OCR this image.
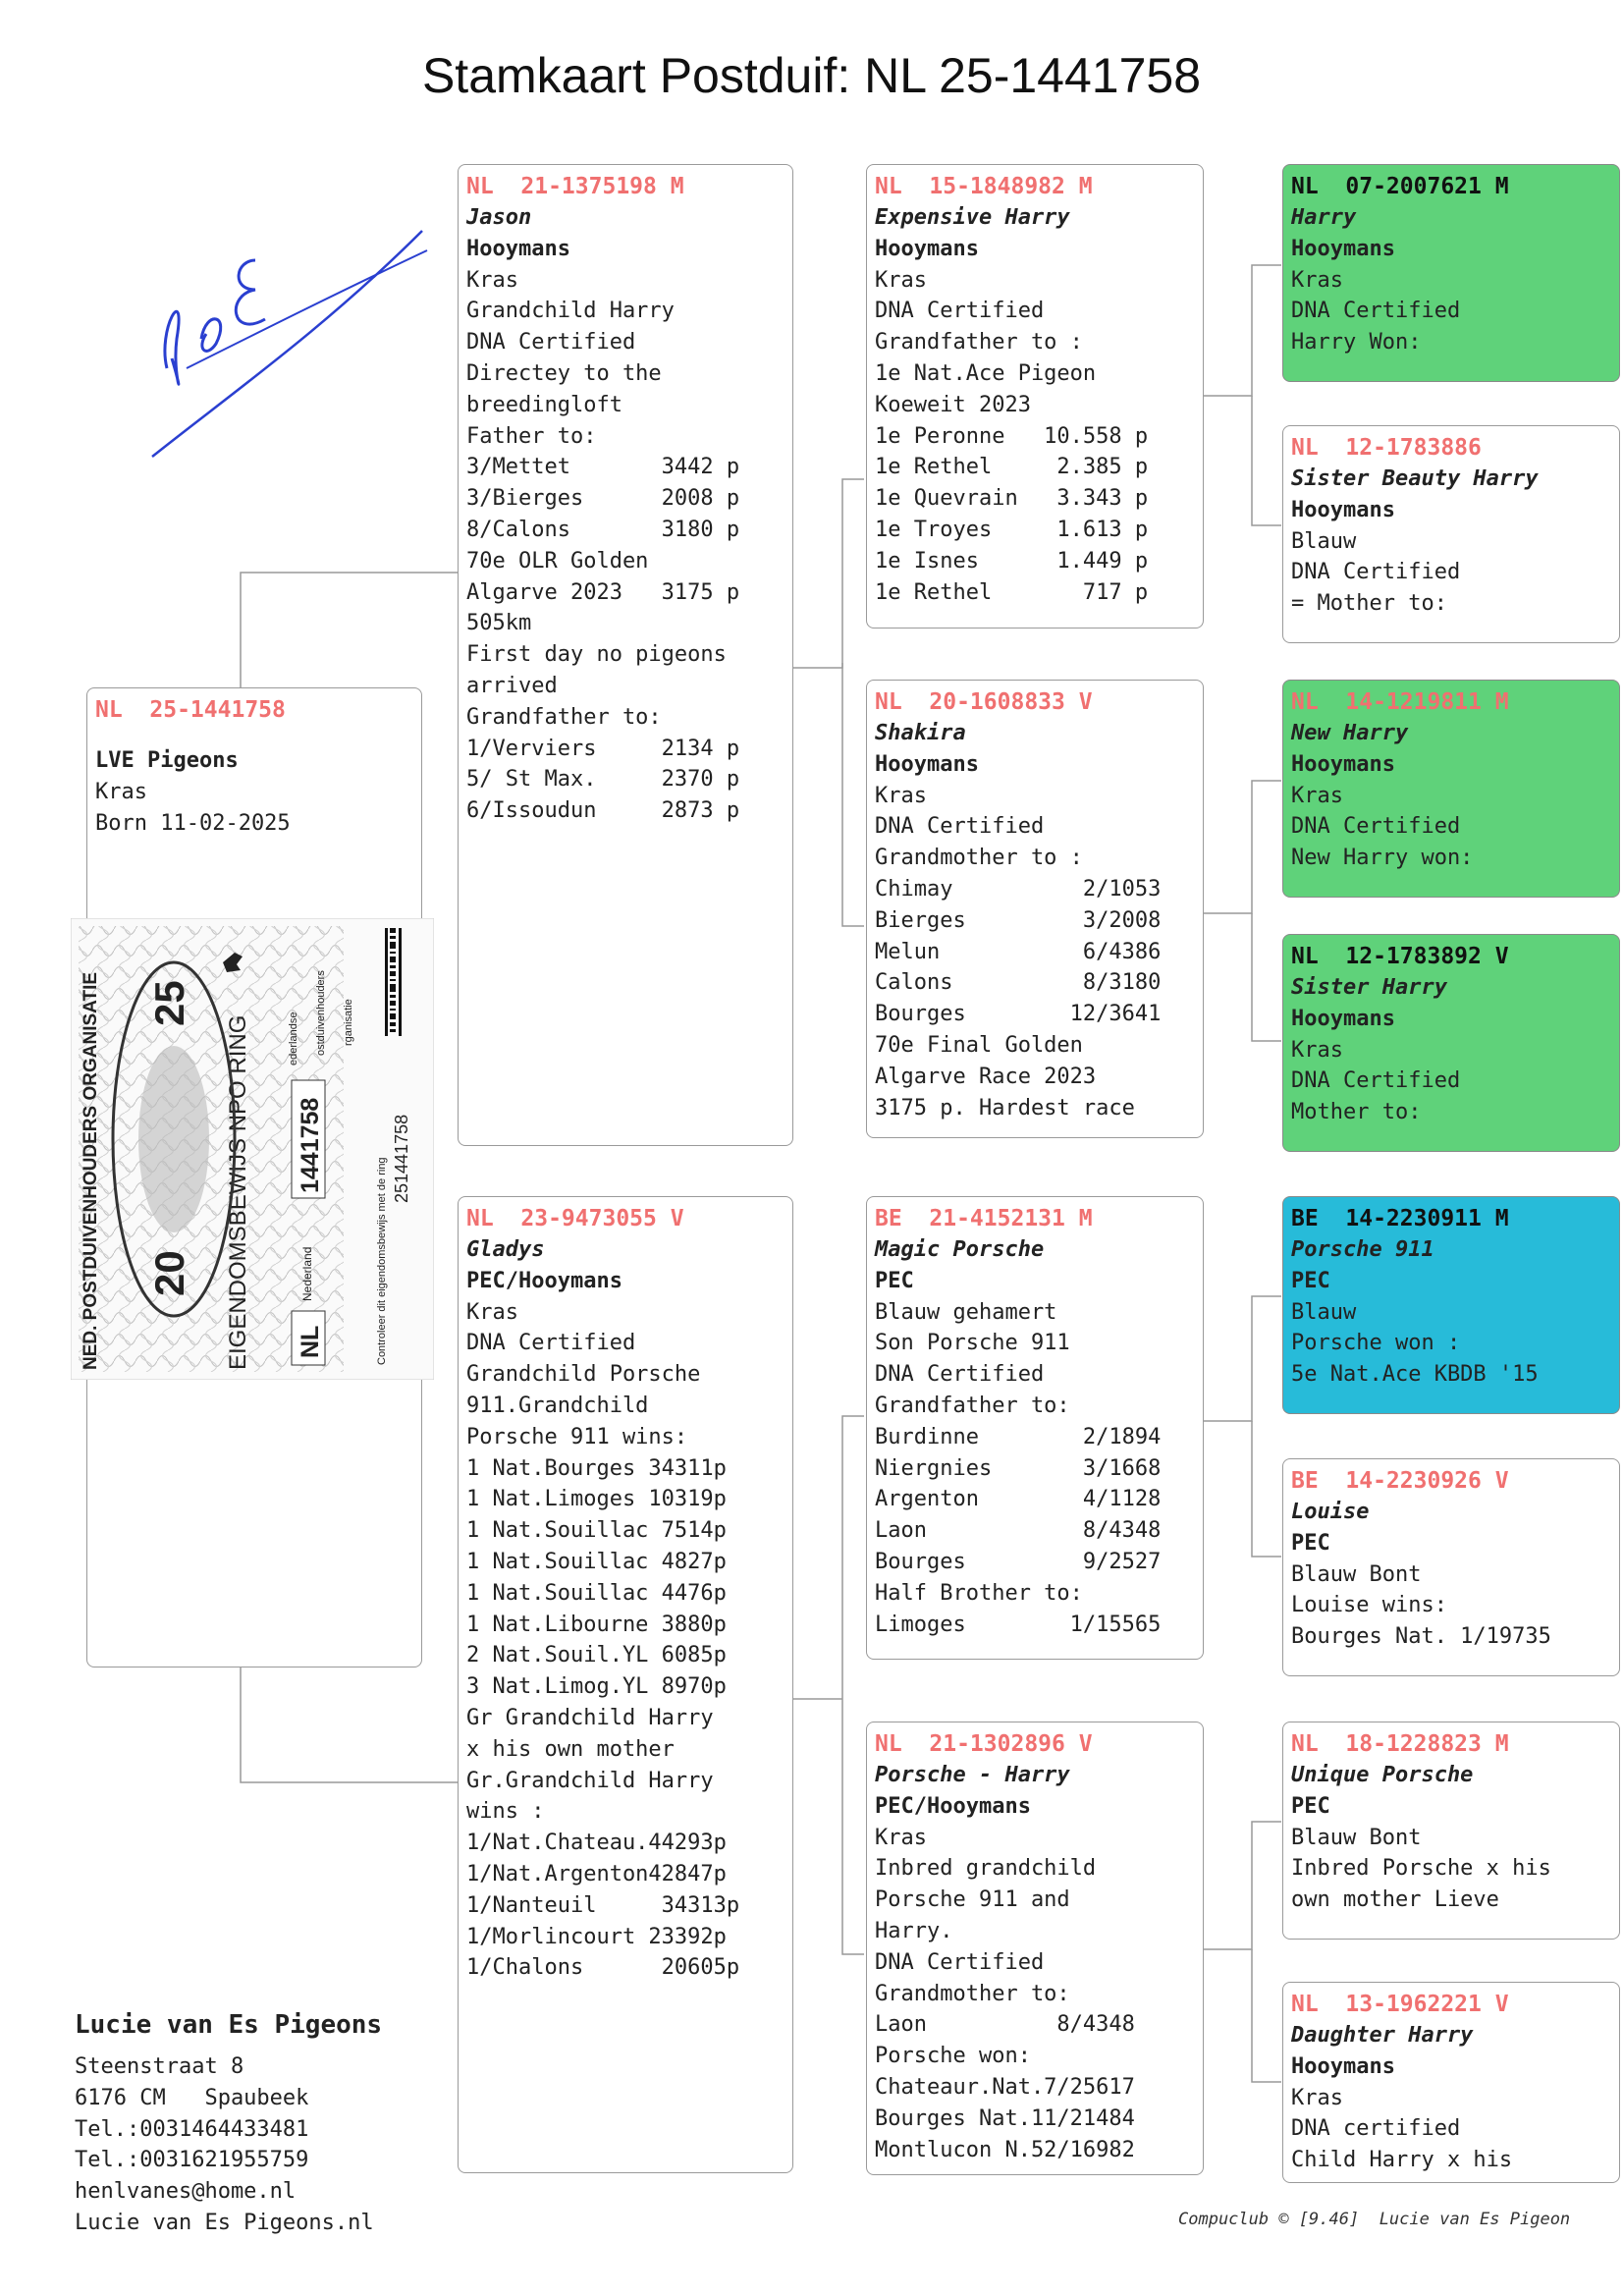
Stamkaart Postduif: NL 25-1441758
NL  25-1441758
LVE Pigeons
Kras
Born 11-02-2025
NED. POSTDUIVENHOUDERS ORGANISATIE	EIGENDOMSBEWIJS NPO RING
20
25
1441758
NL
Nederland	Controleer dit eigendomsbewijs met de ring 251441758
ederlandse ostduivenhouders rganisatie
NL  21-1375198 M
Jason
Hooymans
Kras
Grandchild Harry
DNA Certified
Directey to the
breedingloft
Father to:
3/Mettet       3442 p
3/Bierges      2008 p
8/Calons       3180 p
70e OLR Golden
Algarve 2023   3175 p
505km
First day no pigeons
arrived
Grandfather to:
1/Verviers     2134 p
5/ St Max.     2370 p
6/Issoudun     2873 p
NL  23-9473055 V
Gladys
PEC/Hooymans
Kras
DNA Certified
Grandchild Porsche
911.Grandchild
Porsche 911 wins:
1 Nat.Bourges 34311p
1 Nat.Limoges 10319p
1 Nat.Souillac 7514p
1 Nat.Souillac 4827p
1 Nat.Souillac 4476p
1 Nat.Libourne 3880p
2 Nat.Souil.YL 6085p
3 Nat.Limog.YL 8970p
Gr Grandchild Harry
x his own mother
Gr.Grandchild Harry
wins :
1/Nat.Chateau.44293p
1/Nat.Argenton42847p
1/Nanteuil     34313p
1/Morlincourt 23392p
1/Chalons      20605p
NL  15-1848982 M
Expensive Harry
Hooymans
Kras
DNA Certified
Grandfather to :
1e Nat.Ace Pigeon
Koeweit 2023
1e Peronne   10.558 p
1e Rethel     2.385 p
1e Quevrain   3.343 p
1e Troyes     1.613 p
1e Isnes      1.449 p
1e Rethel       717 p
NL  20-1608833 V
Shakira
Hooymans
Kras
DNA Certified
Grandmother to :
Chimay          2/1053
Bierges         3/2008
Melun           6/4386
Calons          8/3180
Bourges        12/3641
70e Final Golden
Algarve Race 2023
3175 p. Hardest race
BE  21-4152131 M
Magic Porsche
PEC
Blauw gehamert
Son Porsche 911
DNA Certified
Grandfather to:
Burdinne        2/1894
Niergnies       3/1668
Argenton        4/1128
Laon            8/4348
Bourges         9/2527
Half Brother to:
Limoges        1/15565
NL  21-1302896 V
Porsche - Harry
PEC/Hooymans
Kras
Inbred grandchild
Porsche 911 and
Harry.
DNA Certified
Grandmother to:
Laon          8/4348
Porsche won:
Chateaur.Nat.7/25617
Bourges Nat.11/21484
Montlucon N.52/16982
NL  07-2007621 M
Harry
Hooymans
Kras
DNA Certified
Harry Won:
NL  12-1783886
Sister Beauty Harry
Hooymans
Blauw
DNA Certified
= Mother to:
NL  14-1219811 M
New Harry
Hooymans
Kras
DNA Certified
New Harry won:
NL  12-1783892 V
Sister Harry
Hooymans
Kras
DNA Certified
Mother to:
BE  14-2230911 M
Porsche 911
PEC
Blauw
Porsche won :
5e Nat.Ace KBDB '15
BE  14-2230926 V
Louise
PEC
Blauw Bont
Louise wins:
Bourges Nat. 1/19735
NL  18-1228823 M
Unique Porsche
PEC
Blauw Bont
Inbred Porsche x his
own mother Lieve
NL  13-1962221 V
Daughter Harry
Hooymans
Kras
DNA certified
Child Harry x his
Lucie van Es Pigeons
Steenstraat 8
6176 CM   Spaubeek
Tel.:0031464433481
Tel.:0031621955759
henlvanes@home.nl
Lucie van Es Pigeons.nl	Compuclub © [9.46]  Lucie van Es Pigeon
